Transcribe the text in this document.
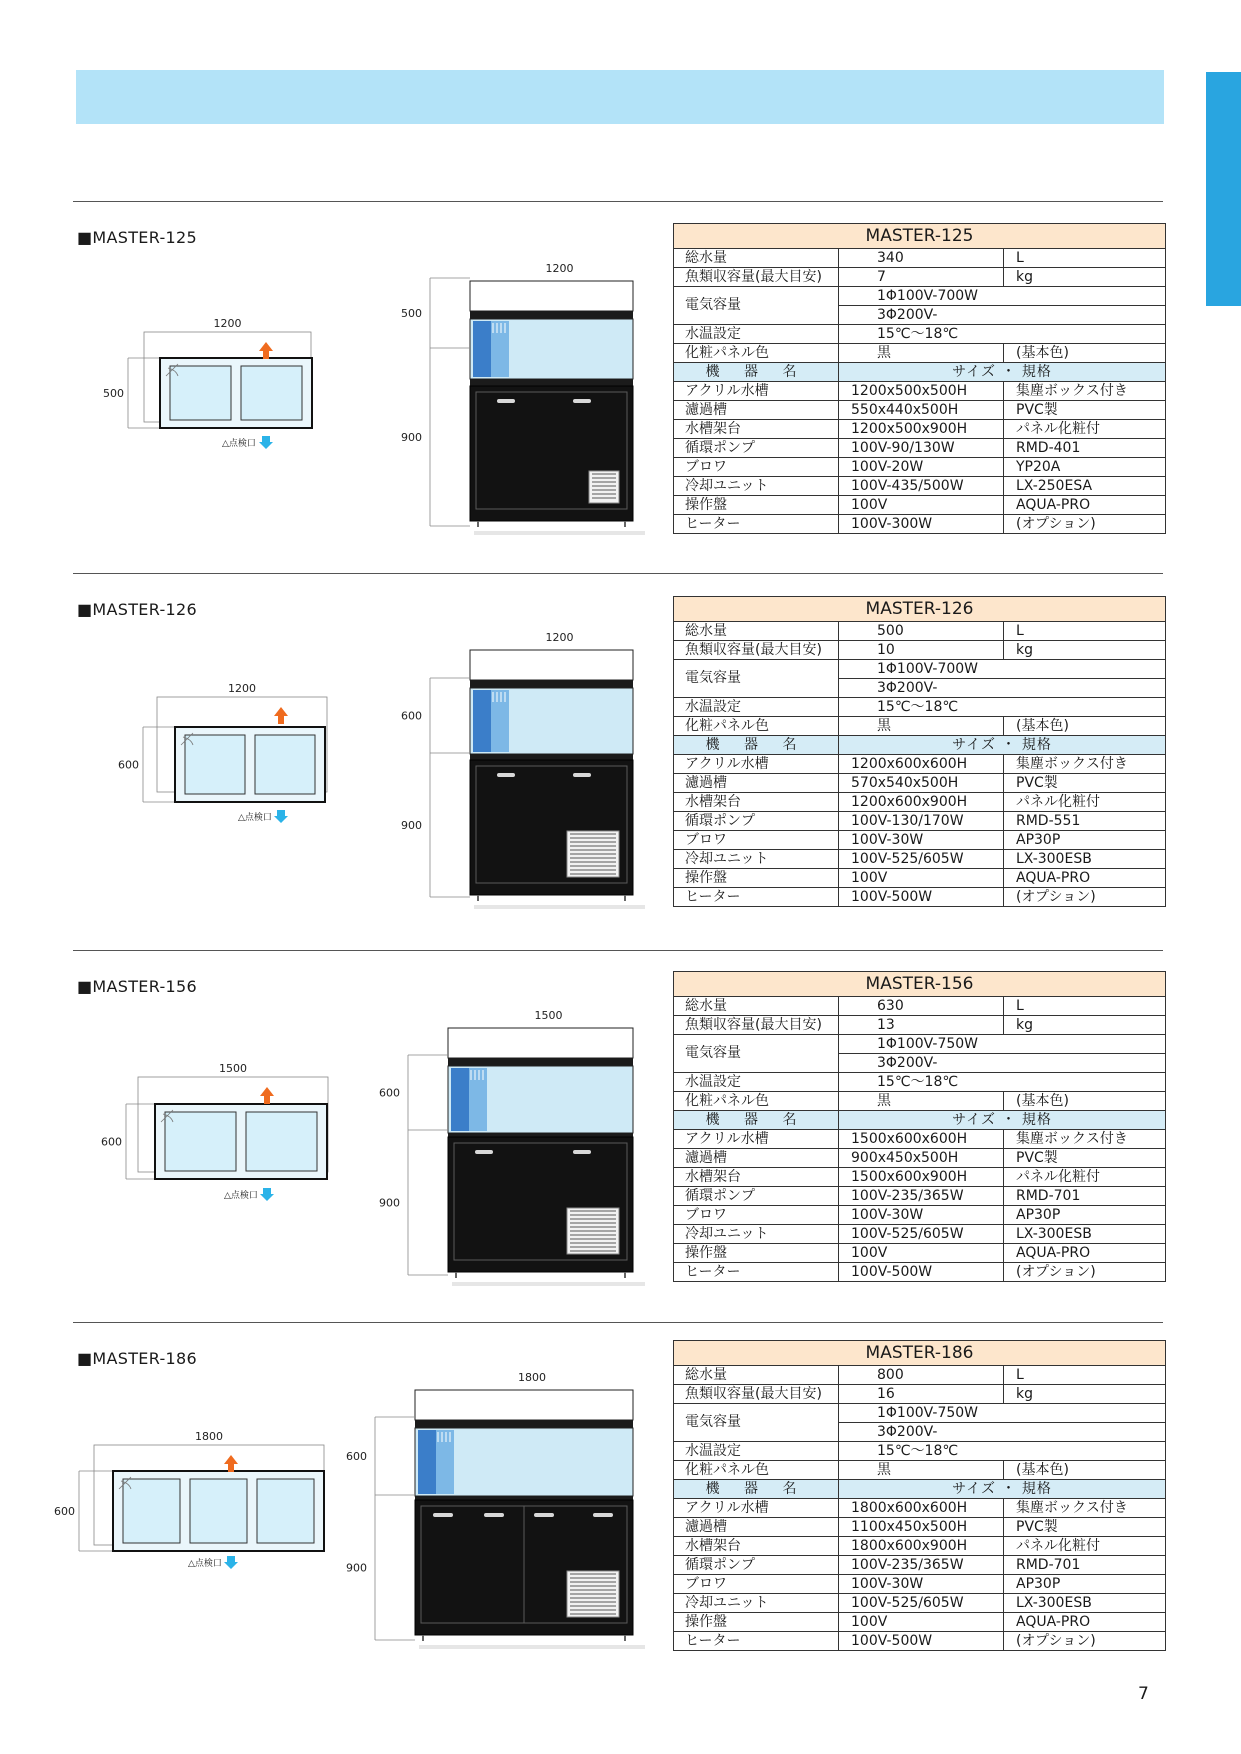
■MASTER-125
■MASTER-126
■MASTER-156
■MASTER-186
MASTER-125		
総水量	340	L
魚類収容量(最大目安)	7	kg
電気容量	1Φ100V-700W	
	3Φ200V-	
水温設定	15℃～18℃	
化粧パネル色	黒	(基本色)
機 器 名	サイズ ・ 規格	
アクリル水槽	1200x500x500H	集塵ボックス付き
濾過槽	550x440x500H	PVC製
水槽架台	1200x500x900H	パネル化粧付
循環ポンプ	100V-90/130W	RMD-401
ブロワ	100V-20W	YP20A
冷却ユニット	100V-435/500W	LX-250ESA
操作盤	100V	AQUA-PRO
ヒーター	100V-300W	(オプション)
MASTER-126		
総水量	500	L
魚類収容量(最大目安)	10	kg
電気容量	1Φ100V-700W	
	3Φ200V-	
水温設定	15℃～18℃	
化粧パネル色	黒	(基本色)
機 器 名	サイズ ・ 規格	
アクリル水槽	1200x600x600H	集塵ボックス付き
濾過槽	570x540x500H	PVC製
水槽架台	1200x600x900H	パネル化粧付
循環ポンプ	100V-130/170W	RMD-551
ブロワ	100V-30W	AP30P
冷却ユニット	100V-525/605W	LX-300ESB
操作盤	100V	AQUA-PRO
ヒーター	100V-500W	(オプション)
MASTER-156		
総水量	630	L
魚類収容量(最大目安)	13	kg
電気容量	1Φ100V-750W	
	3Φ200V-	
水温設定	15℃～18℃	
化粧パネル色	黒	(基本色)
機 器 名	サイズ ・ 規格	
アクリル水槽	1500x600x600H	集塵ボックス付き
濾過槽	900x450x500H	PVC製
水槽架台	1500x600x900H	パネル化粧付
循環ポンプ	100V-235/365W	RMD-701
ブロワ	100V-30W	AP30P
冷却ユニット	100V-525/605W	LX-300ESB
操作盤	100V	AQUA-PRO
ヒーター	100V-500W	(オプション)
MASTER-186		
総水量	800	L
魚類収容量(最大目安)	16	kg
電気容量	1Φ100V-750W	
	3Φ200V-	
水温設定	15℃～18℃	
化粧パネル色	黒	(基本色)
機 器 名	サイズ ・ 規格	
アクリル水槽	1800x600x600H	集塵ボックス付き
濾過槽	1100x450x500H	PVC製
水槽架台	1800x600x900H	パネル化粧付
循環ポンプ	100V-235/365W	RMD-701
ブロワ	100V-30W	AP30P
冷却ユニット	100V-525/605W	LX-300ESB
操作盤	100V	AQUA-PRO
ヒーター	100V-500W	(オプション)
1200
500
△点検口
500
900
1200
1200
600
△点検口
600
900
1200
1500
600
△点検口
600
900
1500
1800
600
△点検口
600
900
1800
7
